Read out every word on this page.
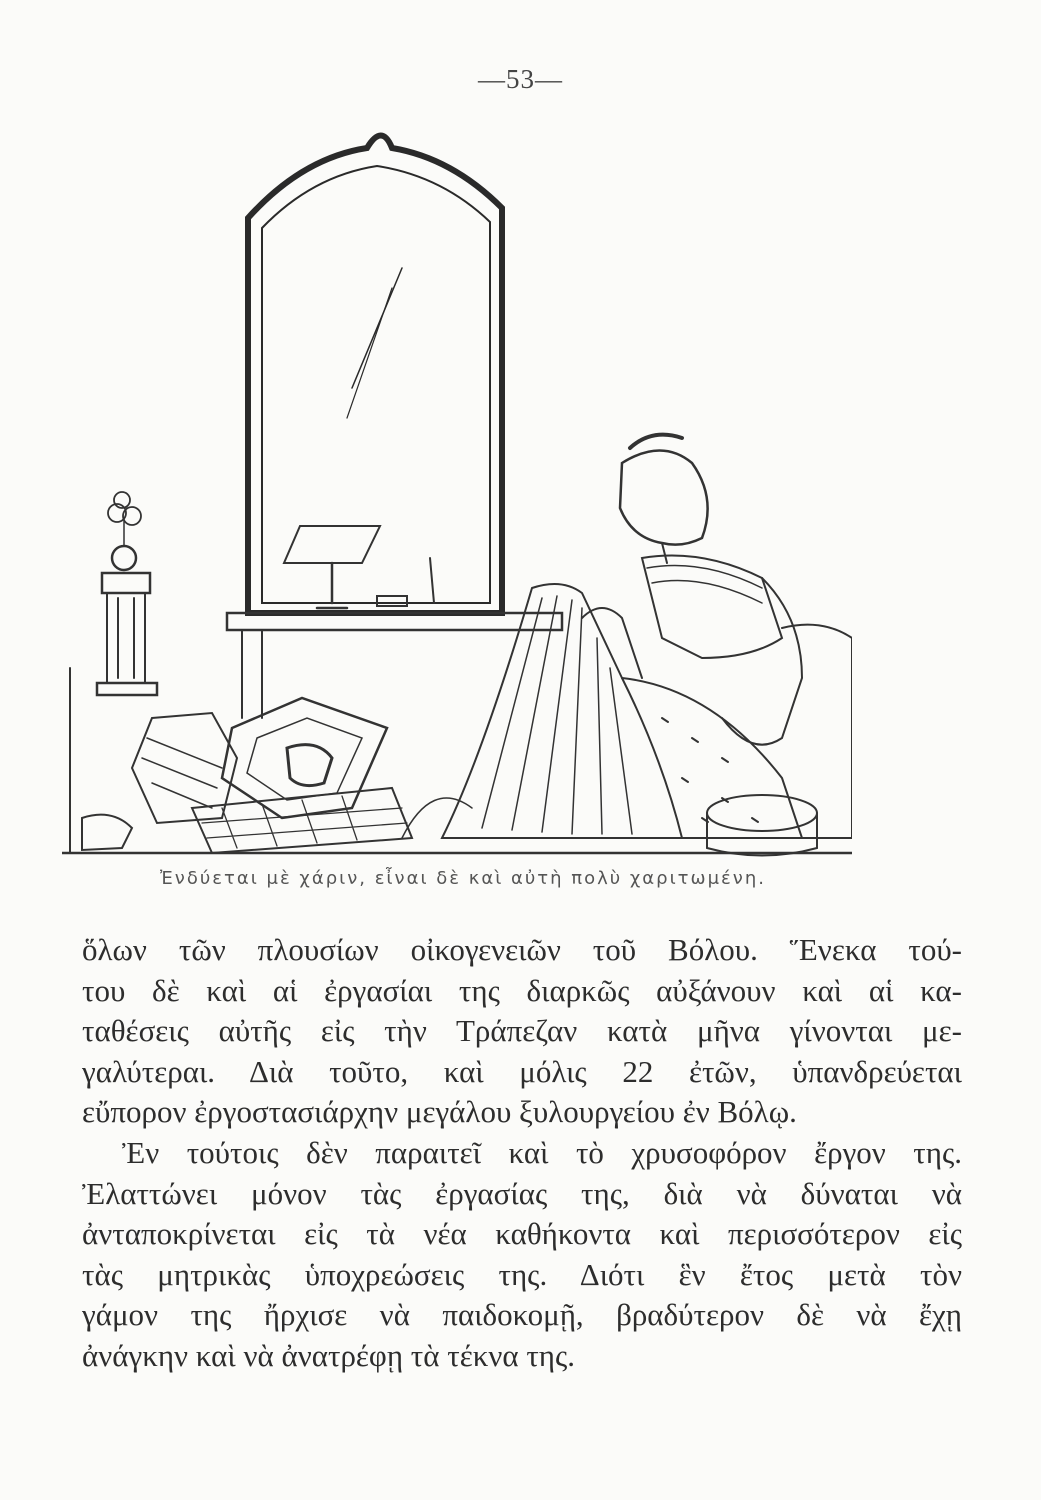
—53—
Ἐνδύεται μὲ χάριν, εἶναι δὲ καὶ αὐτὴ πολὺ χαριτωμένη.
ὅλων τῶν πλουσίων οἰκογενειῶν τοῦ Βόλου. Ἕνεκα τού-
του δὲ καὶ αἱ ἐργασίαι της διαρκῶς αὐξάνουν καὶ αἱ κα-
ταθέσεις αὐτῆς εἰς τὴν Τράπεζαν κατὰ μῆνα γίνονται με-
γαλύτεραι. Διὰ τοῦτο, καὶ μόλις 22 ἐτῶν, ὑπανδρεύεται
εὔπορον ἐργοστασιάρχην μεγάλου ξυλουργείου ἐν Βόλῳ.
Ἐν τούτοις δὲν παραιτεῖ καὶ τὸ χρυσοφόρον ἔργον της.
Ἐλαττώνει μόνον τὰς ἐργασίας της, διὰ νὰ δύναται νὰ
ἀνταποκρίνεται εἰς τὰ νέα καθήκοντα καὶ περισσότερον εἰς
τὰς μητρικὰς ὑποχρεώσεις της. Διότι ἓν ἔτος μετὰ τὸν
γάμον της ἤρχισε νὰ παιδοκομῇ, βραδύτερον δὲ νὰ ἔχῃ
ἀνάγκην καὶ νὰ ἀνατρέφῃ τὰ τέκνα της.
